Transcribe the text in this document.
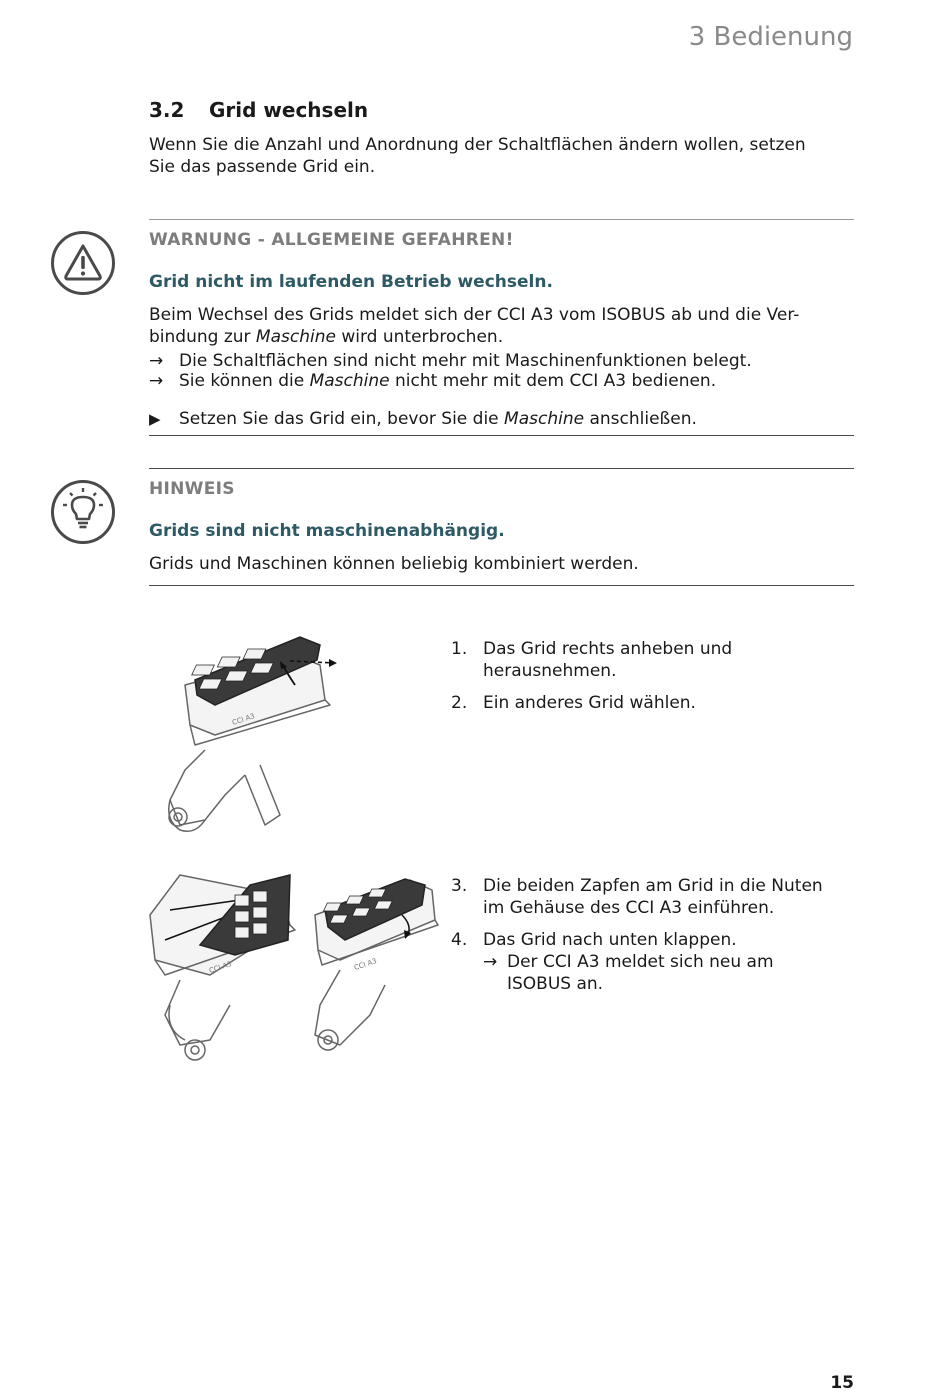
3 Bedienung
3.2 Grid wechseln
Wenn Sie die Anzahl und Anordnung der Schaltflächen ändern wollen, setzen
Sie das passende Grid ein.
WARNUNG - ALLGEMEINE GEFAHREN!
Grid nicht im laufenden Betrieb wechseln.
Beim Wechsel des Grids meldet sich der CCI A3 vom ISOBUS ab und die Ver-
bindung zur Maschine wird unterbrochen.
→ Die Schaltflächen sind nicht mehr mit Maschinenfunktionen belegt.
→ Sie können die Maschine nicht mehr mit dem CCI A3 bedienen.
▶ Setzen Sie das Grid ein, bevor Sie die Maschine anschließen.
HINWEIS
Grids sind nicht maschinenabhängig.
Grids und Maschinen können beliebig kombiniert werden.
CCI A3
1. Das Grid rechts anheben und
herausnehmen.
2. Ein anderes Grid wählen.
CCI A3	CCI A3
3. Die beiden Zapfen am Grid in die Nuten
im Gehäuse des CCI A3 einführen.
4. Das Grid nach unten klappen.
→ Der CCI A3 meldet sich neu am
ISOBUS an.
15
